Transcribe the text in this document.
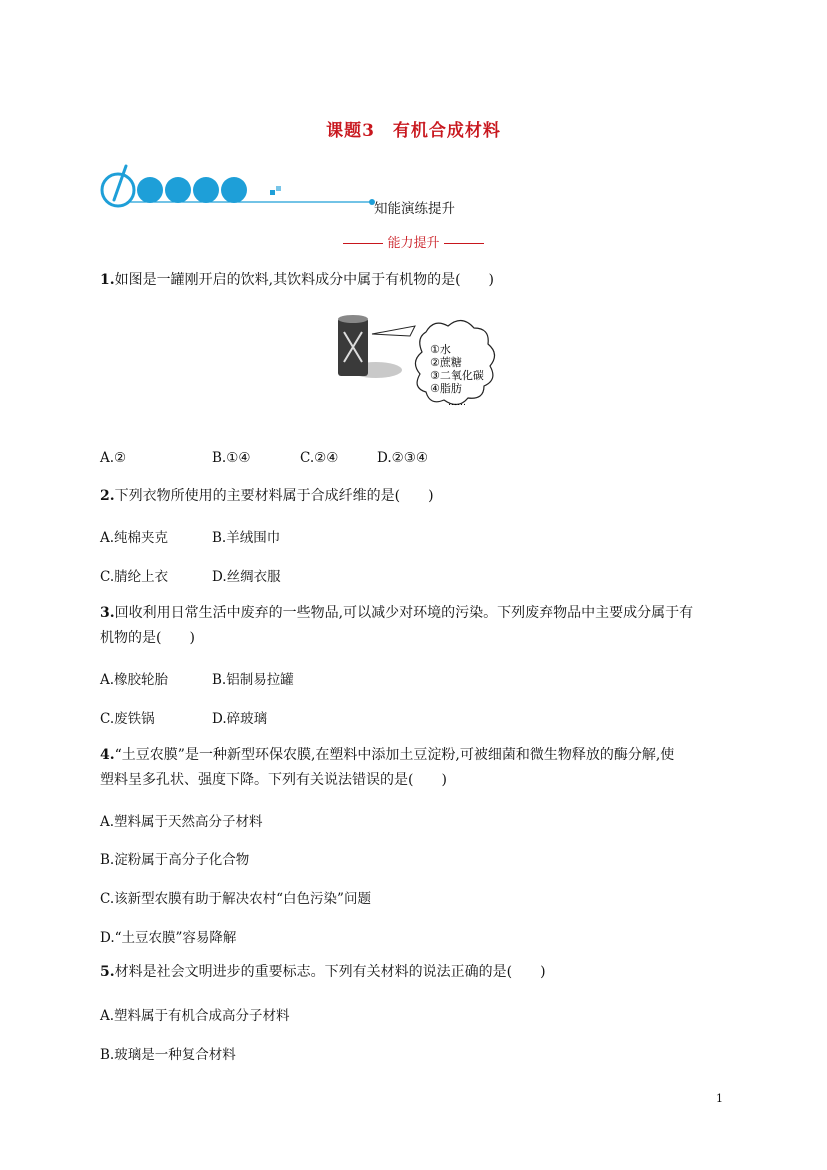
课题3　有机合成材料
知能演练提升
能力提升
1.如图是一罐刚开启的饮料,其饮料成分中属于有机物的是(　　)
①水
②蔗糖
③二氧化碳
④脂肪
……
A.②	B.①④	C.②④	D.②③④
2.下列衣物所使用的主要材料属于合成纤维的是(　　)
A.纯棉夹克	B.羊绒围巾
C.腈纶上衣	D.丝绸衣服
3.回收利用日常生活中废弃的一些物品,可以减少对环境的污染。下列废弃物品中主要成分属于有
机物的是(　　)
A.橡胶轮胎	B.铝制易拉罐
C.废铁锅	D.碎玻璃
4.“土豆农膜”是一种新型环保农膜,在塑料中添加土豆淀粉,可被细菌和微生物释放的酶分解,使
塑料呈多孔状、强度下降。下列有关说法错误的是(　　)
A.塑料属于天然高分子材料
B.淀粉属于高分子化合物
C.该新型农膜有助于解决农村“白色污染”问题
D.“土豆农膜”容易降解
5.材料是社会文明进步的重要标志。下列有关材料的说法正确的是(　　)
A.塑料属于有机合成高分子材料
B.玻璃是一种复合材料
1
